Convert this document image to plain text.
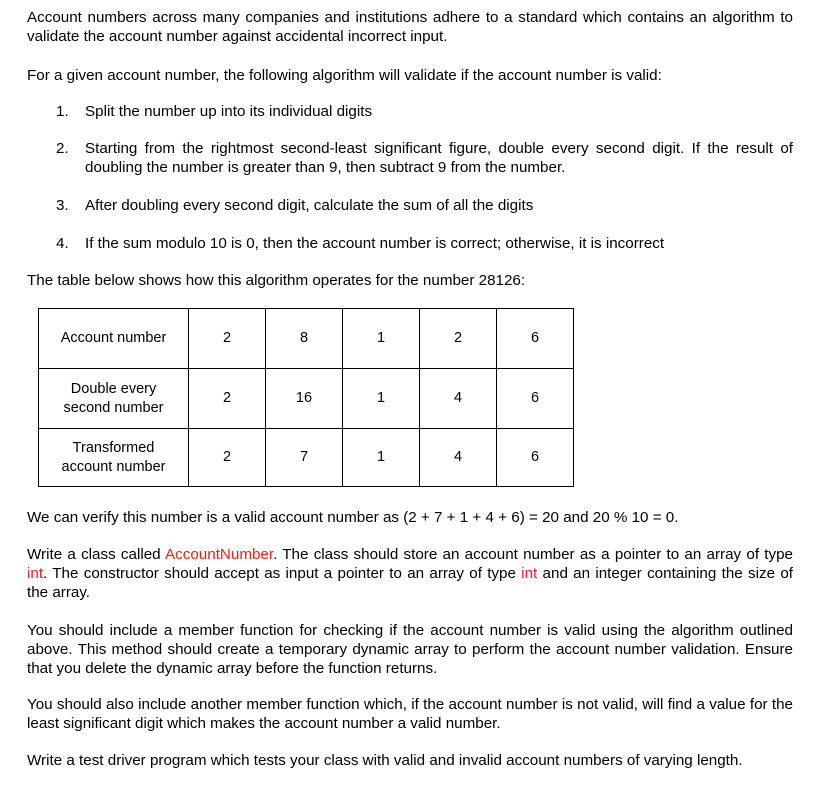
Account numbers across many companies and institutions adhere to a standard which contains an algorithm to validate the account number against accidental incorrect input.

For a given account number, the following algorithm will validate if the account number is valid:

1.	Split the number up into its individual digits
2.	Starting from the rightmost second-least significant figure, double every second digit. If the result of doubling the number is greater than 9, then subtract 9 from the number.
3.	After doubling every second digit, calculate the sum of all the digits
4.	If the sum modulo 10 is 0, then the account number is correct; otherwise, it is incorrect

The table below shows how this algorithm operates for the number 28126:

Account number	2	8	1	2	6

Double every
second number	2	16	1	4	6

Transformed
account number	2	7	1	4	6

We can verify this number is a valid account number as (2 + 7 + 1 + 4 + 6) = 20 and 20 % 10 = 0.

Write a class called AccountNumber. The class should store an account number as a pointer to an array of type int. The constructor should accept as input a pointer to an array of type int and an integer containing the size of the array.

You should include a member function for checking if the account number is valid using the algorithm outlined above. This method should create a temporary dynamic array to perform the account number validation. Ensure that you delete the dynamic array before the function returns.

You should also include another member function which, if the account number is not valid, will find a value for the least significant digit which makes the account number a valid number.

Write a test driver program which tests your class with valid and invalid account numbers of varying length.
